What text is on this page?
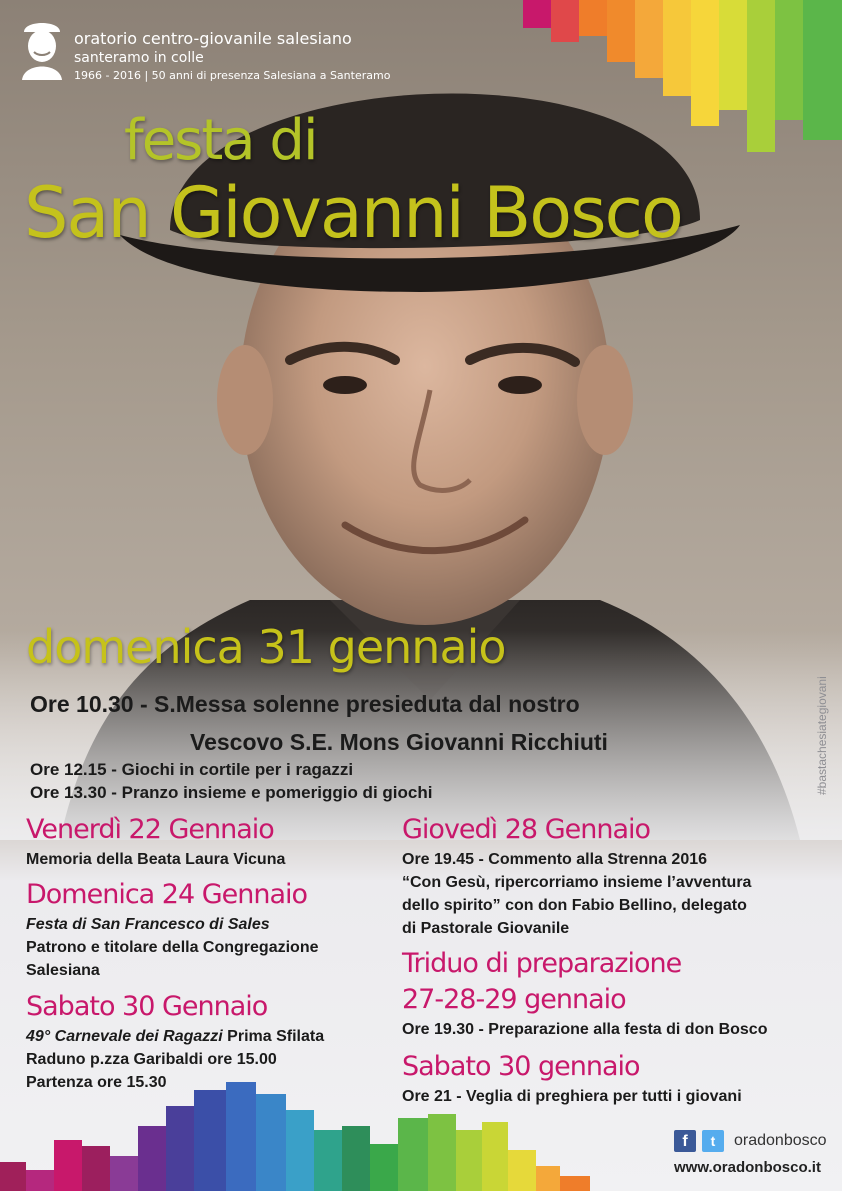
oratorio centro-giovanile salesiano
santeramo in colle
1966 - 2016 | 50 anni di presenza Salesiana a Santeramo
festa di
San Giovanni Bosco
domenica 31 gennaio
Ore 10.30 - S.Messa solenne presieduta dal nostro
Vescovo S.E. Mons Giovanni Ricchiuti
Ore 12.15 - Giochi in cortile per i ragazzi
Ore 13.30 - Pranzo insieme e pomeriggio di giochi	#bastachesiategiovani
Venerdì 22 Gennaio
Memoria della Beata Laura Vicuna
Domenica 24 Gennaio
Festa di San Francesco di Sales
Patrono e titolare della Congregazione
Salesiana
Sabato 30 Gennaio
49° Carnevale dei Ragazzi Prima Sfilata
Raduno p.zza Garibaldi ore 15.00
Partenza ore 15.30
Giovedì 28 Gennaio
Ore 19.45 - Commento alla Strenna 2016
“Con Gesù, ripercorriamo insieme l’avventura
dello spirito” con don Fabio Bellino, delegato
di Pastorale Giovanile
Triduo di preparazione
27-28-29 gennaio
Ore 19.30 - Preparazione alla festa di don Bosco
Sabato 30 gennaio
Ore 21 - Veglia di preghiera per tutti i giovani
f	t	oradonbosco
www.oradonbosco.it
